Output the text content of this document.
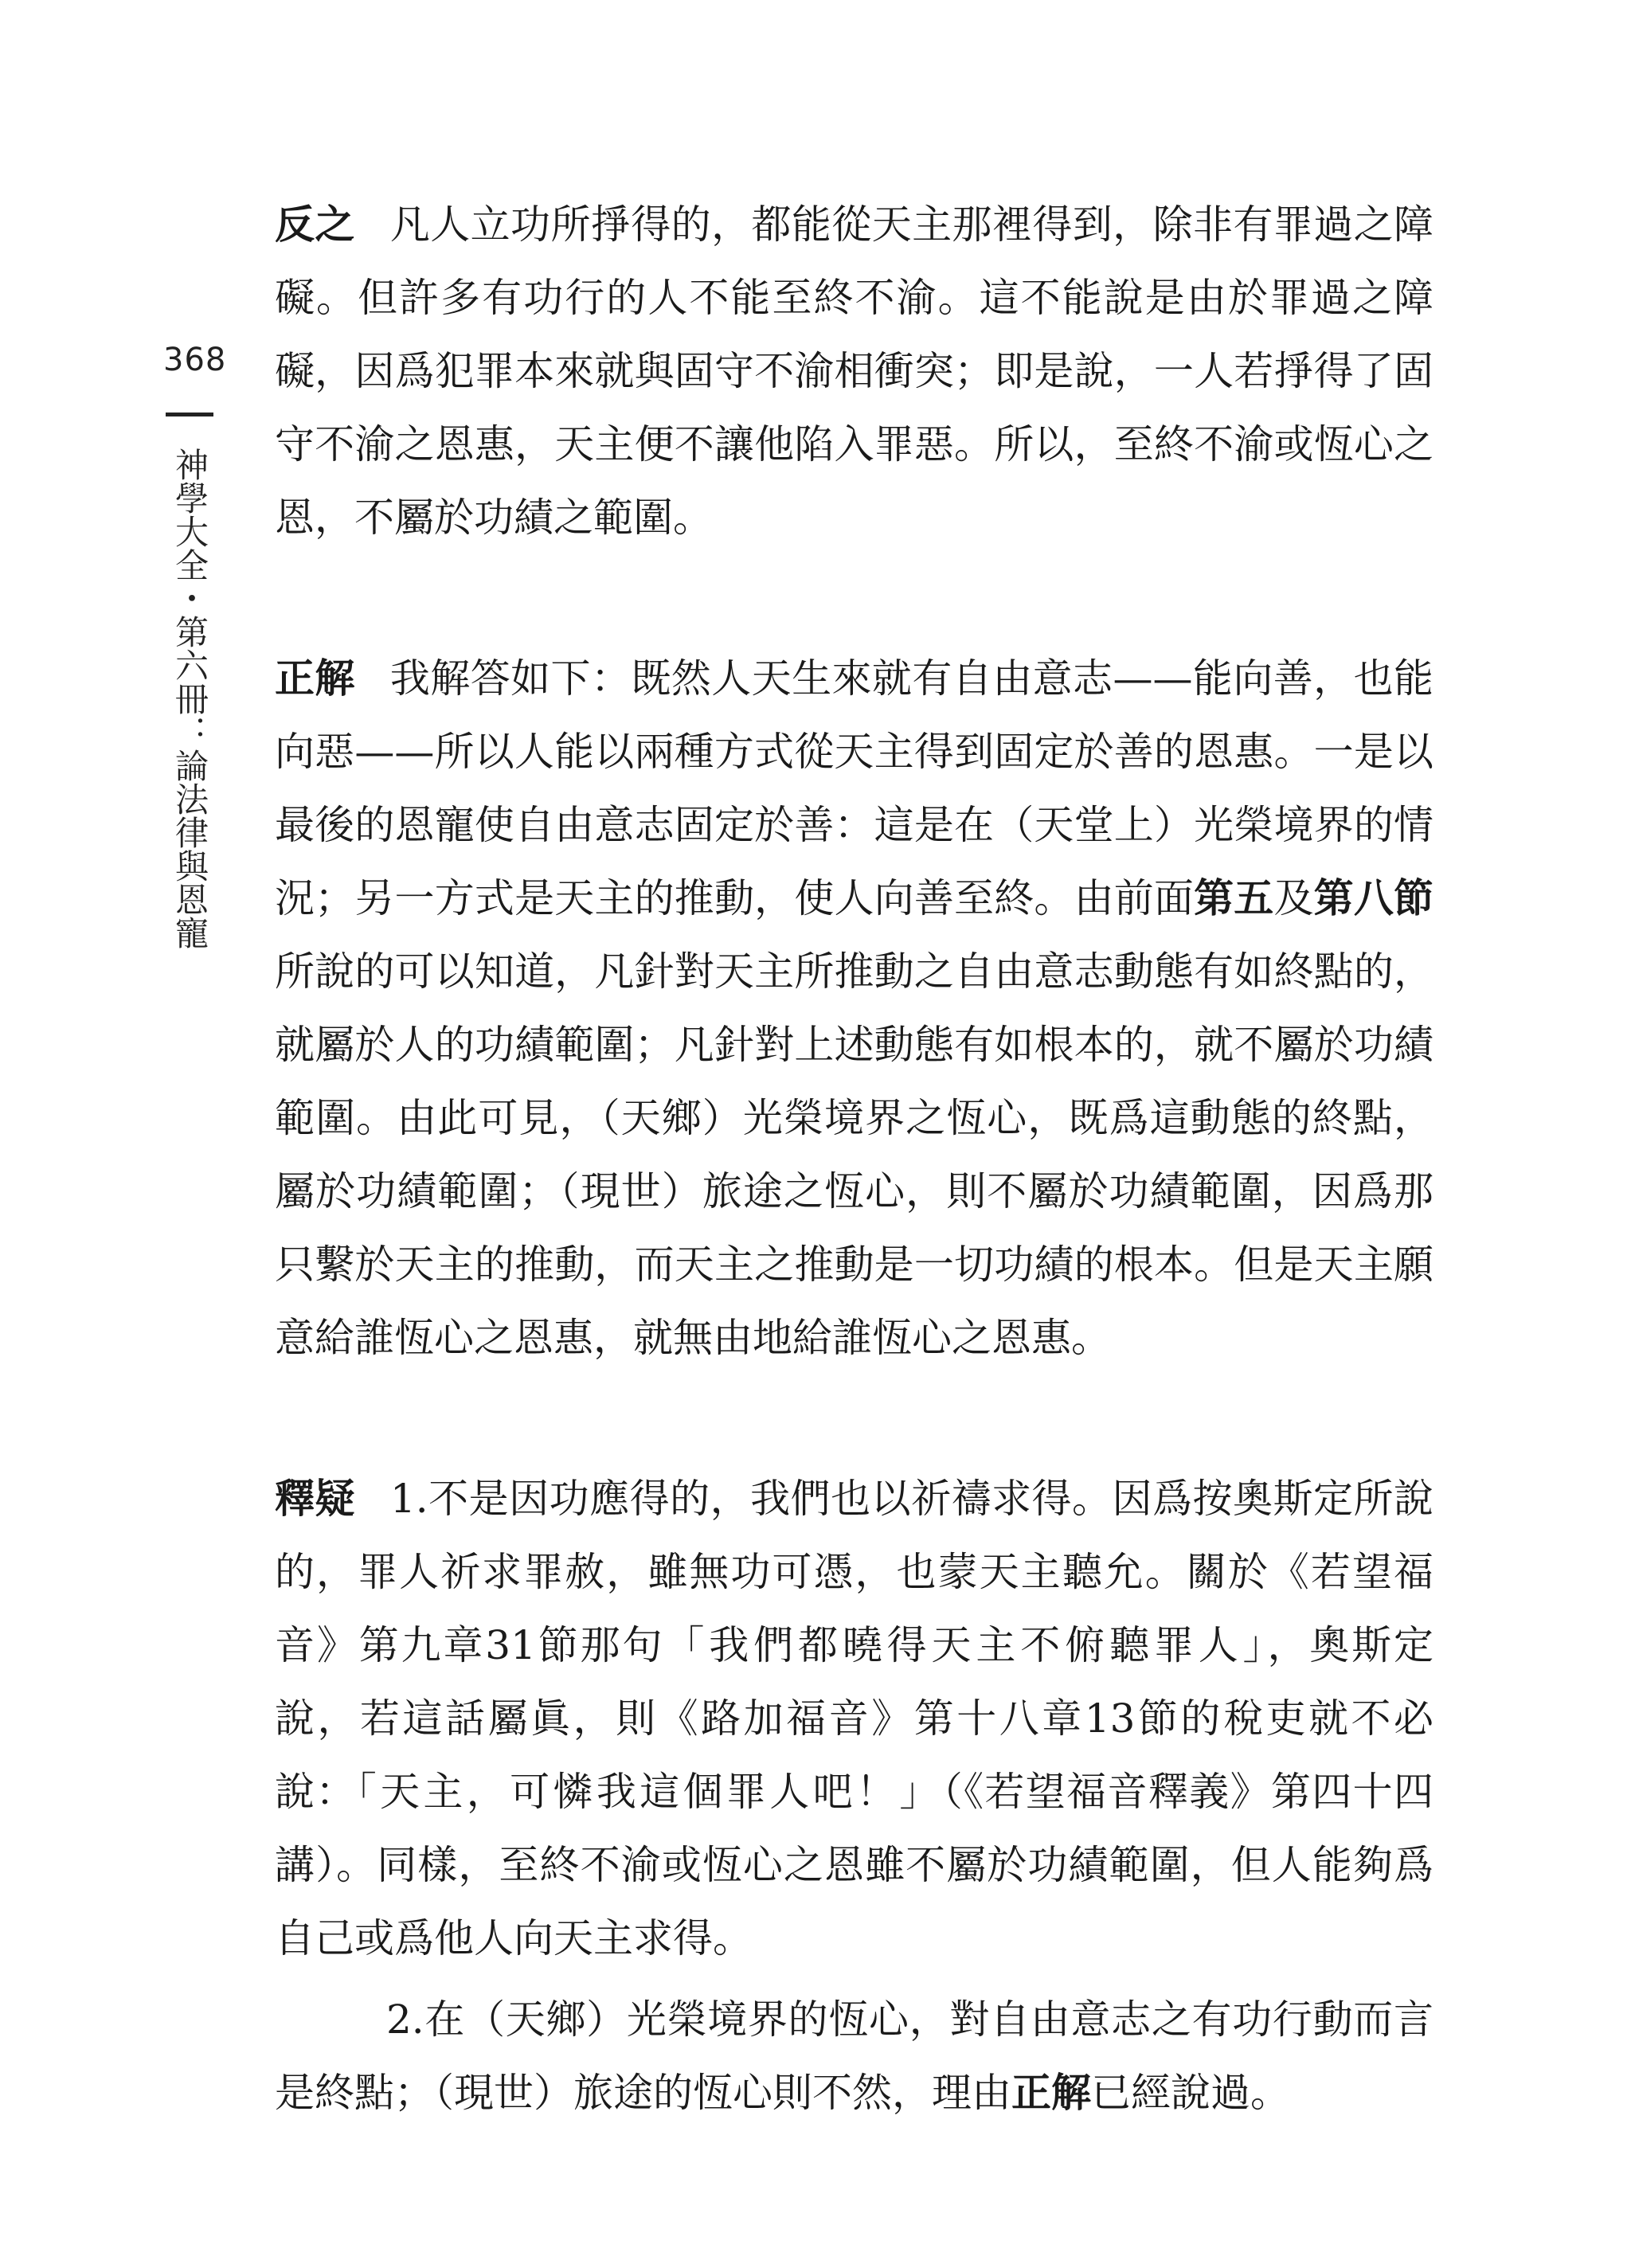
368
神學大全・第六冊：論法律與恩寵

反之 凡人立功所掙得的，都能從天主那裡得到，除非有罪過之障礙。但許多有功行的人不能至終不渝。這不能說是由於罪過之障礙，因爲犯罪本來就與固守不渝相衝突；即是說，一人若掙得了固守不渝之恩惠，天主便不讓他陷入罪惡。所以，至終不渝或恆心之恩，不屬於功績之範圍。

正解 我解答如下：既然人天生來就有自由意志——能向善，也能向惡——所以人能以兩種方式從天主得到固定於善的恩惠。一是以最後的恩寵使自由意志固定於善：這是在（天堂上）光榮境界的情況；另一方式是天主的推動，使人向善至終。由前面第五及第八節所說的可以知道，凡針對天主所推動之自由意志動態有如終點的，就屬於人的功績範圍；凡針對上述動態有如根本的，就不屬於功績範圍。由此可見，（天鄉）光榮境界之恆心，既爲這動態的終點，屬於功績範圍；（現世）旅途之恆心，則不屬於功績範圍，因爲那只繫於天主的推動，而天主之推動是一切功績的根本。但是天主願意給誰恆心之恩惠，就無由地給誰恆心之恩惠。

釋疑 1.不是因功應得的，我們也以祈禱求得。因爲按奧斯定所說的，罪人祈求罪赦，雖無功可憑，也蒙天主聽允。關於《若望福音》第九章31節那句「我們都曉得天主不俯聽罪人」，奧斯定說，若這話屬眞，則《路加福音》第十八章13節的稅吏就不必說：「天主，可憐我這個罪人吧！」（《若望福音釋義》第四十四講）。同樣，至終不渝或恆心之恩雖不屬於功績範圍，但人能夠爲自己或爲他人向天主求得。

2.在（天鄉）光榮境界的恆心，對自由意志之有功行動而言是終點；（現世）旅途的恆心則不然，理由正解已經說過。
